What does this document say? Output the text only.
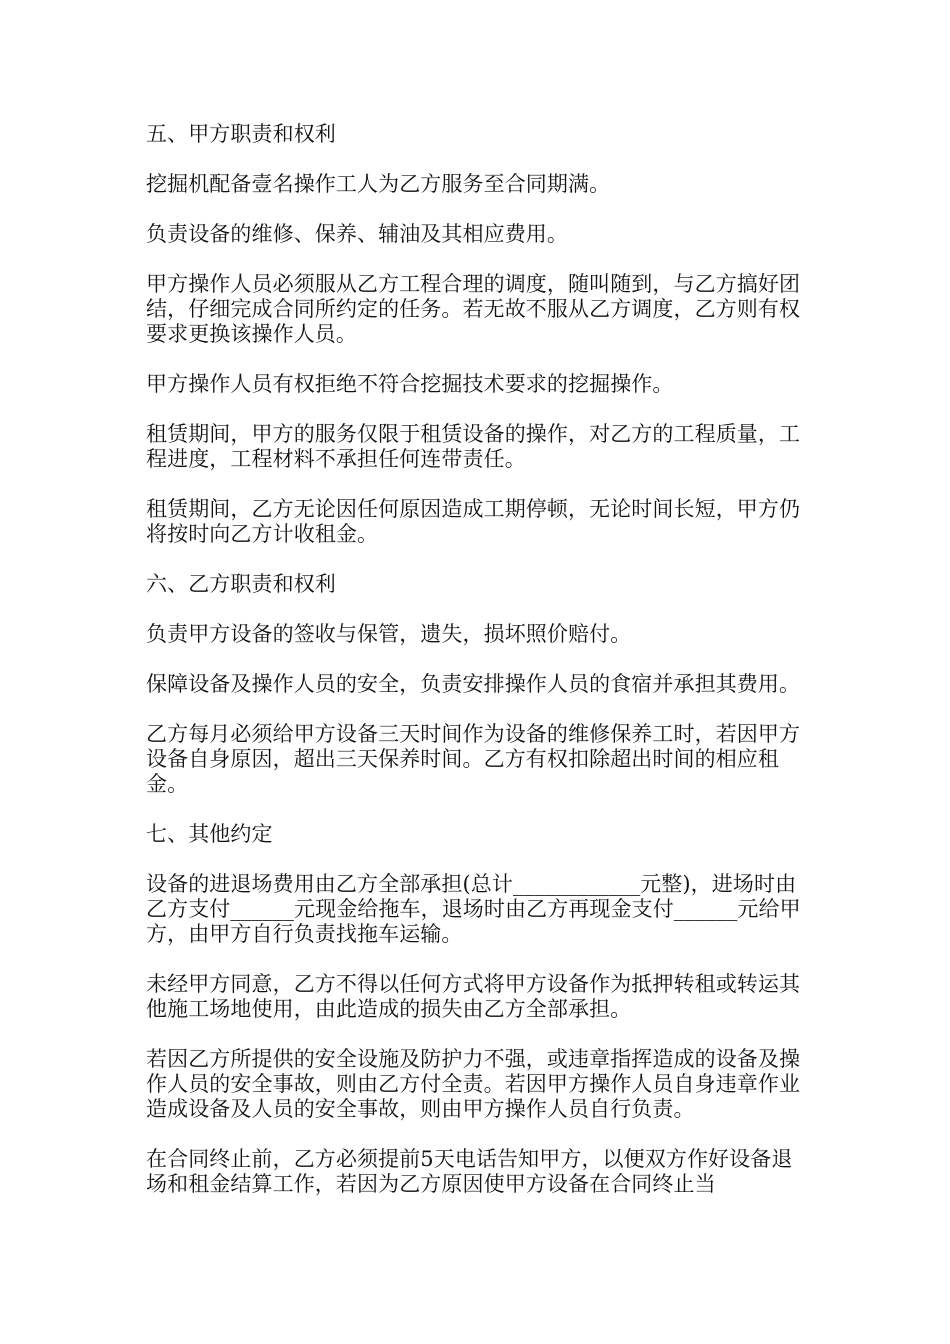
五、甲方职责和权利

挖掘机配备壹名操作工人为乙方服务至合同期满。

负责设备的维修、保养、辅油及其相应费用。

甲方操作人员必须服从乙方工程合理的调度，随叫随到，与乙方搞好团结，仔细完成合同所约定的任务。若无故不服从乙方调度，乙方则有权要求更换该操作人员。

甲方操作人员有权拒绝不符合挖掘技术要求的挖掘操作。

租赁期间，甲方的服务仅限于租赁设备的操作，对乙方的工程质量，工程进度，工程材料不承担任何连带责任。

租赁期间，乙方无论因任何原因造成工期停顿，无论时间长短，甲方仍将按时向乙方计收租金。

六、乙方职责和权利

负责甲方设备的签收与保管，遗失，损坏照价赔付。

保障设备及操作人员的安全，负责安排操作人员的食宿并承担其费用。

乙方每月必须给甲方设备三天时间作为设备的维修保养工时，若因甲方设备自身原因，超出三天保养时间。乙方有权扣除超出时间的相应租金。

七、其他约定

设备的进退场费用由乙方全部承担(总计____________元整)，进场时由乙方支付______元现金给拖车，退场时由乙方再现金支付______元给甲方，由甲方自行负责找拖车运输。

未经甲方同意，乙方不得以任何方式将甲方设备作为抵押转租或转运其他施工场地使用，由此造成的损失由乙方全部承担。

若因乙方所提供的安全设施及防护力不强，或违章指挥造成的设备及操作人员的安全事故，则由乙方付全责。若因甲方操作人员自身违章作业造成设备及人员的安全事故，则由甲方操作人员自行负责。

在合同终止前，乙方必须提前5天电话告知甲方，以便双方作好设备退场和租金结算工作，若因为乙方原因使甲方设备在合同终止当
